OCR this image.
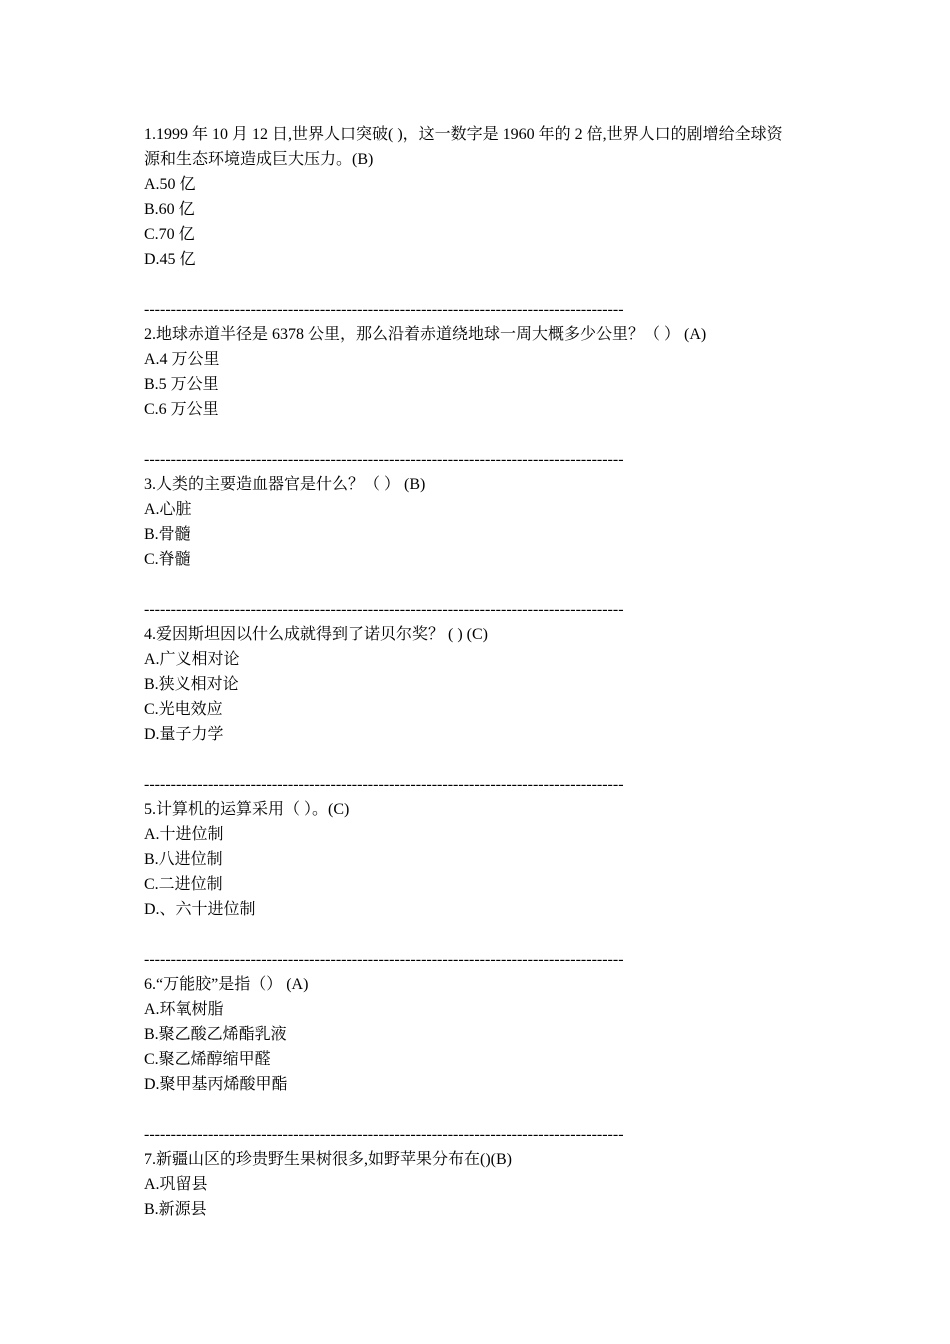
1.1999 年 10 月 12 日,世界人口突破( )，这一数字是 1960 年的 2 倍,世界人口的剧增给全球资
源和生态环境造成巨大压力。(B)
A.50 亿
B.60 亿
C.70 亿
D.45 亿
------------------------------------------------------------------------------------------
2.地球赤道半径是 6378 公里，那么沿着赤道绕地球一周大概多少公里？（ ） (A)
A.4 万公里
B.5 万公里
C.6 万公里
------------------------------------------------------------------------------------------
3.人类的主要造血器官是什么？（ ） (B)
A.心脏
B.骨髓
C.脊髓
------------------------------------------------------------------------------------------
4.爱因斯坦因以什么成就得到了诺贝尔奖？ ( ) (C)
A.广义相对论
B.狭义相对论
C.光电效应
D.量子力学
------------------------------------------------------------------------------------------
5.计算机的运算采用（ ）。(C)
A.十进位制
B.八进位制
C.二进位制
D.、六十进位制
------------------------------------------------------------------------------------------
6.“万能胶”是指（） (A)
A.环氧树脂
B.聚乙酸乙烯酯乳液
C.聚乙烯醇缩甲醛
D.聚甲基丙烯酸甲酯
------------------------------------------------------------------------------------------
7.新疆山区的珍贵野生果树很多,如野苹果分布在()(B)
A.巩留县
B.新源县
